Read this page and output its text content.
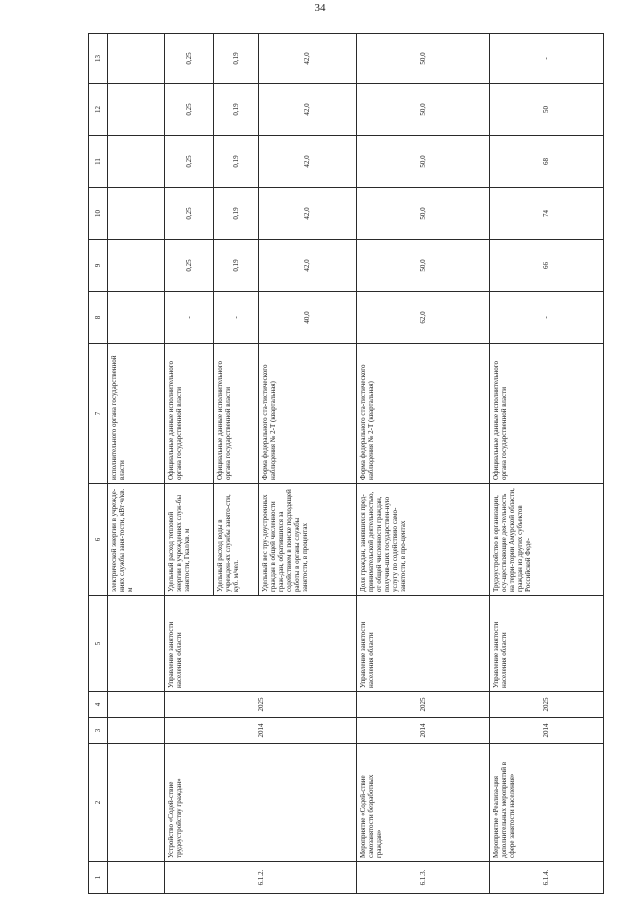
34
1	2	3	4	5	6	7	8	9	10	11	12	13
					электрической энергии в учрежде-ниях службы заня-тости, кВт·ч/кв. м	исполнительного органа государственной власти						
6.1.2.	Устройство «Содей-ствие трудоустройству граждан»	2014	2025	Управление занятости населения области	Удельный расход тепловой энергии в учреждениях служ-бы занятости, Гкал/кв. м	Официальные данные исполнительного органа государственной власти	-	0,25	0,25	0,25	0,25	0,25
					Удельный расход воды в учрежден-ях службы занято-сти, куб. м/чел.	Официальные данные исполнительного органа государственной власти	-	0,19	0,19	0,19	0,19	0,19
					Удельный вес тру-доустроенных граждан в общей численности граж-дан, обратившихся за содействием в поиске подходящей работы в органы службы занятости, в процентах	Форма федерального ста-тистического наблюдения № 2-Т (квартальная)	40,0	42,0	42,0	42,0	42,0	42,0
6.1.3.	Мероприятие «Содей-ствие самозанятости безработных граждан»	2014	2025	Управление занятости населения области	Доля граждан, занявшихся пред-принимательской деятельностью, от общей численности граждан, получив-ших государствен-ную услугу по содействию само-занятости, в про-центах	Форма федерального ста-тистического наблюдения № 2-Т (квартальная)	62,0	50,0	50,0	50,0	50,0	50,0
6.1.4.	Мероприятие «Реализа-ция дополнительных мероприятий в сфере занятости населения»	2014	2025	Управление занятости населения области	Трудоустройство в организации, осу-ществляющие дея-тельность на терри-тории Амурской области, граждан из других субъектов Российской Феде-	Официальные данные исполнительного органа государственной власти	-	66	74	68	50	-
